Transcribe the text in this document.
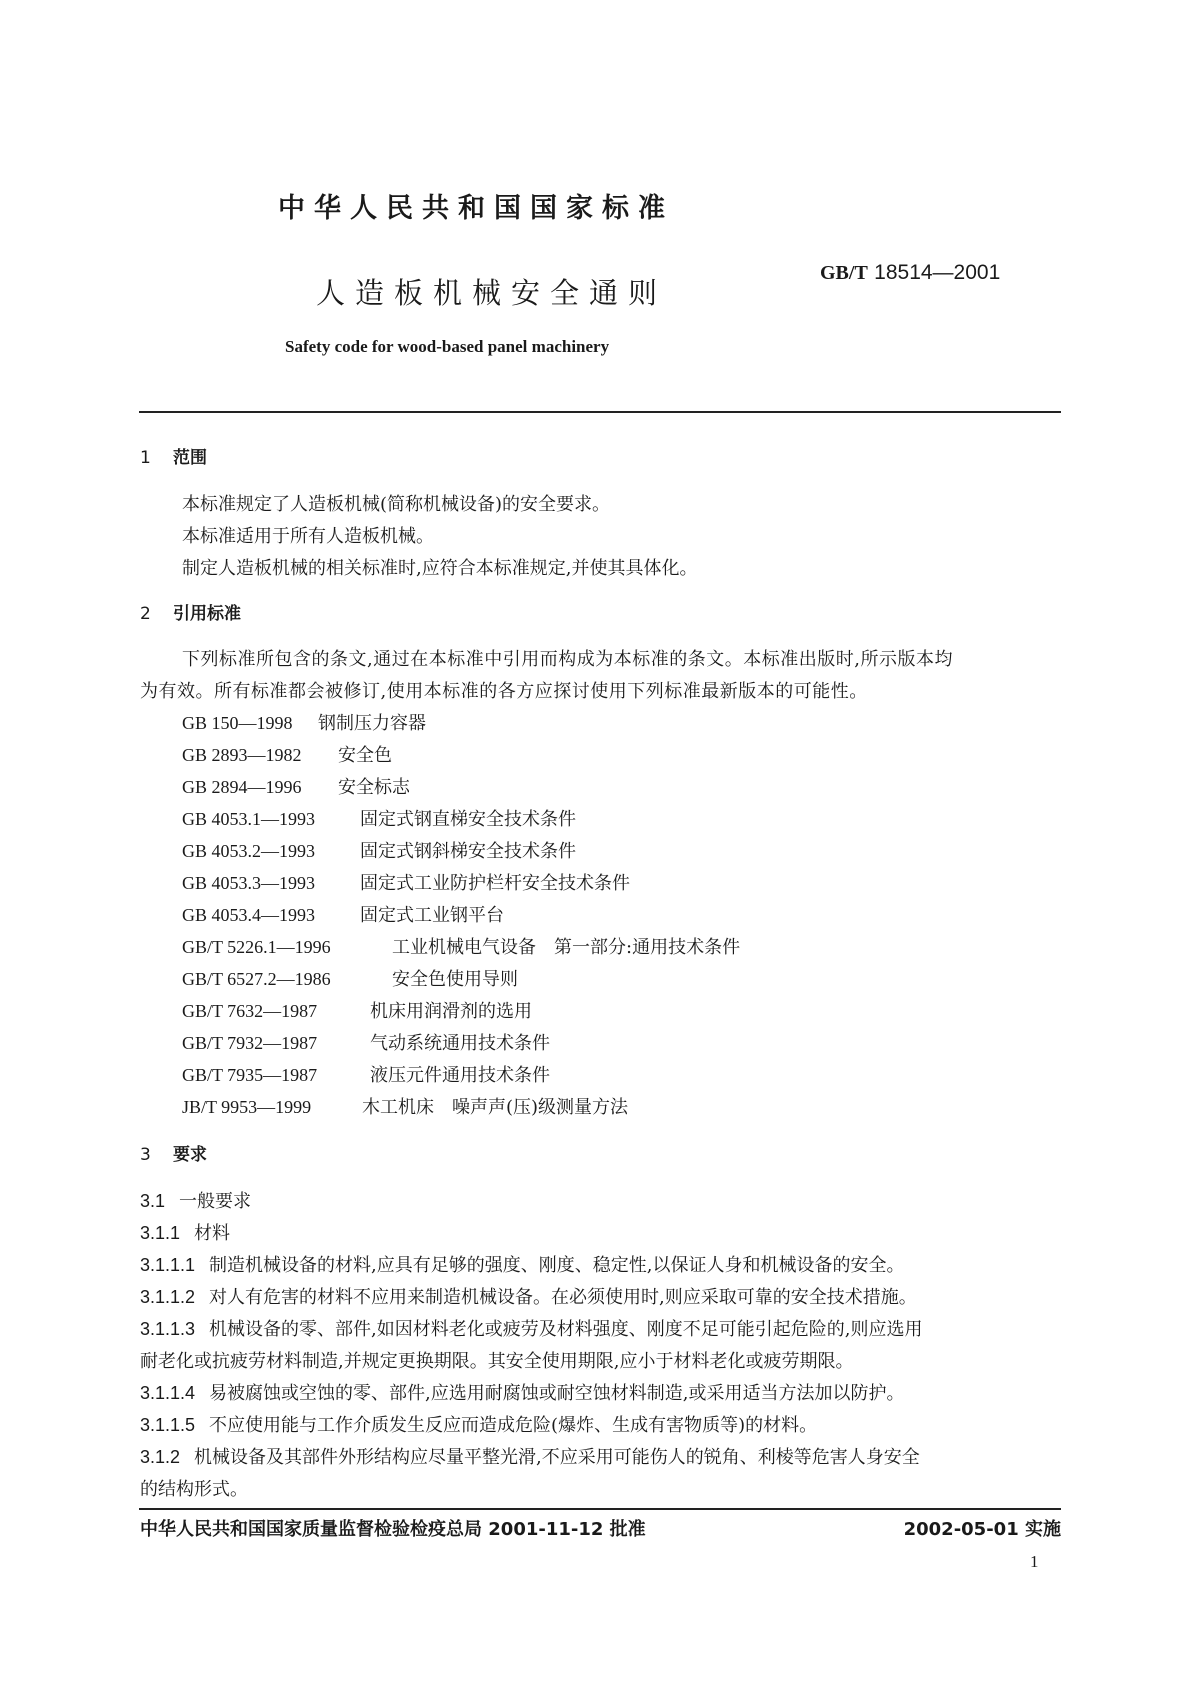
中华人民共和国国家标准
人造板机械安全通则
GB/T 18514—2001
Safety code for wood-based panel machinery
1 范围
本标准规定了人造板机械(简称机械设备)的安全要求。
本标准适用于所有人造板机械。
制定人造板机械的相关标准时,应符合本标准规定,并使其具体化。
2 引用标准
下列标准所包含的条文,通过在本标准中引用而构成为本标准的条文。本标准出版时,所示版本均
为有效。所有标准都会被修订,使用本标准的各方应探讨使用下列标准最新版本的可能性。
GB 150—1998 钢制压力容器
GB 2893—1982 安全色
GB 2894—1996 安全标志
GB 4053.1—1993 固定式钢直梯安全技术条件
GB 4053.2—1993 固定式钢斜梯安全技术条件
GB 4053.3—1993 固定式工业防护栏杆安全技术条件
GB 4053.4—1993 固定式工业钢平台
GB/T 5226.1—1996	工业机械电气设备　第一部分:通用技术条件
GB/T 6527.2—1986	安全色使用导则
GB/T 7632—1987	机床用润滑剂的选用
GB/T 7932—1987	气动系统通用技术条件
GB/T 7935—1987	液压元件通用技术条件
JB/T 9953—1999	木工机床　噪声声(压)级测量方法
3 要求
3.1 一般要求
3.1.1 材料
3.1.1.1 制造机械设备的材料,应具有足够的强度、刚度、稳定性,以保证人身和机械设备的安全。
3.1.1.2 对人有危害的材料不应用来制造机械设备。在必须使用时,则应采取可靠的安全技术措施。
3.1.1.3 机械设备的零、部件,如因材料老化或疲劳及材料强度、刚度不足可能引起危险的,则应选用
耐老化或抗疲劳材料制造,并规定更换期限。其安全使用期限,应小于材料老化或疲劳期限。
3.1.1.4 易被腐蚀或空蚀的零、部件,应选用耐腐蚀或耐空蚀材料制造,或采用适当方法加以防护。
3.1.1.5 不应使用能与工作介质发生反应而造成危险(爆炸、生成有害物质等)的材料。
3.1.2 机械设备及其部件外形结构应尽量平整光滑,不应采用可能伤人的锐角、利棱等危害人身安全
的结构形式。
中华人民共和国国家质量监督检验检疫总局 2001-11-12 批准	2002-05-01 实施
1
